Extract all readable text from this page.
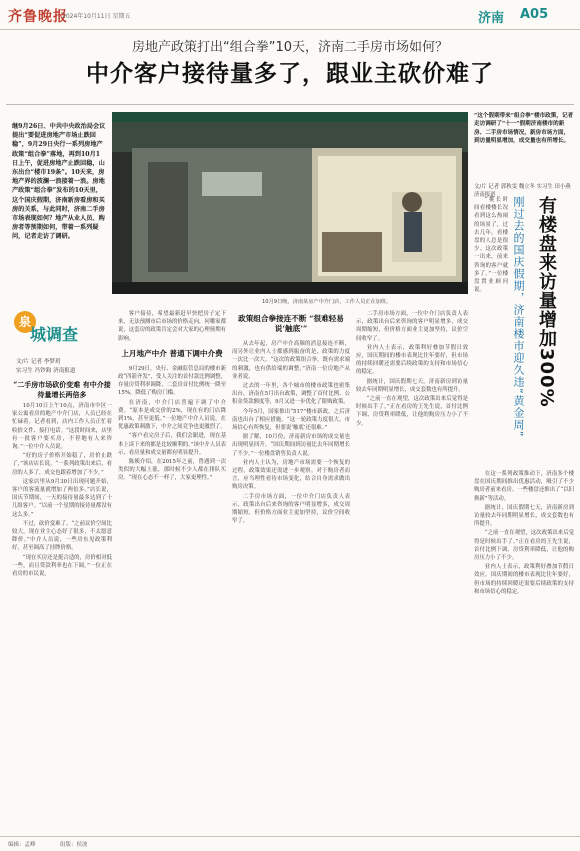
齐鲁晚报
2024年10月11日 星期五	济南 A05
房地产政策打出“组合拳”10天，济南二手房市场如何？
中介客户接待量多了，跟业主砍价难了
继9月26日、中共中央政治局会议提出“要促进房地产市场止跌回稳”，9月29日央行一系列房地产政策“组合拳”落地，再到10月1日上午，促进房地产止跌回稳，山东出台“楼市19条”。10天来，房地产界的波澜一浪接着一浪。房地产政策“组合拳”发布的10天里，这个国庆假期，济南新房看房和买房的关系，与此同时，济南二手房市场表现如何？地产从业人员、购房者等预期如何，带着一系列疑问，记者走访了调研。
10月9日晚，济南某房产中介门店，工作人员正在加班。
“这个假期带来“组合拳”楼市政策，记者走访调研了“十一”假期济南楼市的新房、二手房市场情况，新房市场方面，到访量明显增加，成交量也有所增长。
文/片 记者 郭秋雯 魏立冬 实习生 田小燕 济南报道
有楼盘来访量增加300%
刚过去的国庆假期，济南楼市迎久违“黄金周”
泉
城调查
文/片 记者 李梦玥
实习生 冯钞鈞 济南报道
“二手房市场砍价变难 有中介接待量增长两倍多

10月10日上午10点，济南市中区一家公寓看房的地产中介门店，人员已经在忙碌着。记者看到，店内工作人员正忙着收拾文件、接打电话。“这段时间来，店里有一批客户要买房，不停地有人来咨询。”一位中介人员说。

“好的房子价格开始稳了，房价止跌了，”该店店长说。“一系列政策出来后，看房的人多了，成交也跟着增加了不少。”

这家店里从9月30日出现问题开始，客户的客流量就增加了两倍多。”店长说，国庆节期间，一天的接待量最多达到了十几组客户。“以前一个星期的接待量都没有这么多。”

不过，砍价变难了。“之前议价空间比较大，现在业主心态好了很多，不太愿意降价。”中介人员说，一些房东见政策利好，甚至调高了挂牌价格。

“现在买房还是挺合适的，房价相对低一些，而且贷款利率也在下调。”一位正在看房的市民说。

客户接待，希望最新赶早快把房子定下来，无法预测市后市场的价格走向，问哪家都说，这套房的政策肯定会对大家的心理预期有影响。

上月地产中介 普通下调中介费

9月29日，央行、金融监管总局的楼市新政“四箭齐发”，受人关注的首付款比例调整，存量房贷利率调降，二套房首付比例统一降至15%，降低了购房门槛。

在济南，中介门店普遍下调了中介费。“原本是成交价的2%，现在有的门店降到1%，甚至更低。”一位地产中介人员说，在优惠政策刺激下，中介之间竞争也更激烈了。

“客户看完房子后，我们会跟进，现在基本上谈下来的都是比较顺利的。”该中介人员表示，看房量和成交量都有明显提升。

陈姨介绍，在2015年之前，曾遇到一次类似的大幅上涨，那时候不少人都在排队买房。“现在心态不一样了，大家更理性。”

政策组合拳接连不断 “很难轻易说‘触底’”

从去年起，房产中介高频的消息接连不断，而另外让业内人士都感到振奋的是，政策的力度一次比一次大。“这次的政策组合拳，既有需求端的刺激，也有供给端的调整，”济南一位房地产从业者说。

过去的一年里，各个城市的楼市政策也密集出台。济南在5月出台政策，调整了首付比例、公积金贷款额度等，9月又进一步优化了限购政策。

今年5月，国家推出“517”楼市新政，之后济南也出台了相应措施。“这一轮政策力度很大，市场信心有所恢复，但要说‘触底’还很难。”

据了解，10月份，济南新房市场的成交量也出现明显回升。“国庆期间到访量比去年同期增长了不少，”一位楼盘销售负责人说。

业内人士认为，房地产市场需要一个恢复的过程，政策效果还需进一步观察。对于购房者而言，应当理性看待市场变化，结合自身需求做出购房决策。

二手房市场方面，一位中介门店负责人表示，政策出台后来咨询的客户明显增多，成交周期缩短，但价格方面业主更加坚持，议价空间收窄了。

二手房市场方面，一位中介门店负责人表示，政策出台后来咨询的客户明显增多，成交周期缩短，但价格方面业主更加坚持，议价空间收窄了。

业内人士表示，政策利好叠加节假日效应，国庆期间的楼市表现比往年要好，但市场的持续回暖还需要后续政策的支持和市场信心的稳定。

据统计，国庆假期七天，济南新房到访量较去年同期明显增长，成交套数也有所提升。

“之前一直在观望，这次政策出来后觉得是时候出手了。”正在看房的王先生说，首付比例下调、房贷利率降低，让他的购房压力小了不少。

“挑长时间看楼楼长况看到这么热闹的场景了，过去几年，看楼盘的人总是很少。这次政策一出来，前来咨询的客户就多了。”一位楼盘置业顾问说。

在这一系列政策推动下，济南多个楼盘在国庆期间推出优惠活动，吸引了不少购房者前来看房。一些楼盘还推出了“以旧换新”等活动。

据统计，国庆假期七天，济南新房到访量较去年同期明显增长，成交套数也有所提升。

“之前一直在观望，这次政策出来后觉得是时候出手了。”正在看房的王先生说，首付比例下调、房贷利率降低，让他的购房压力小了不少。

业内人士表示，政策利好叠加节假日效应，国庆期间的楼市表现比往年要好，但市场的持续回暖还需要后续政策的支持和市场信心的稳定。

编辑：孟峰	组版：侯波
